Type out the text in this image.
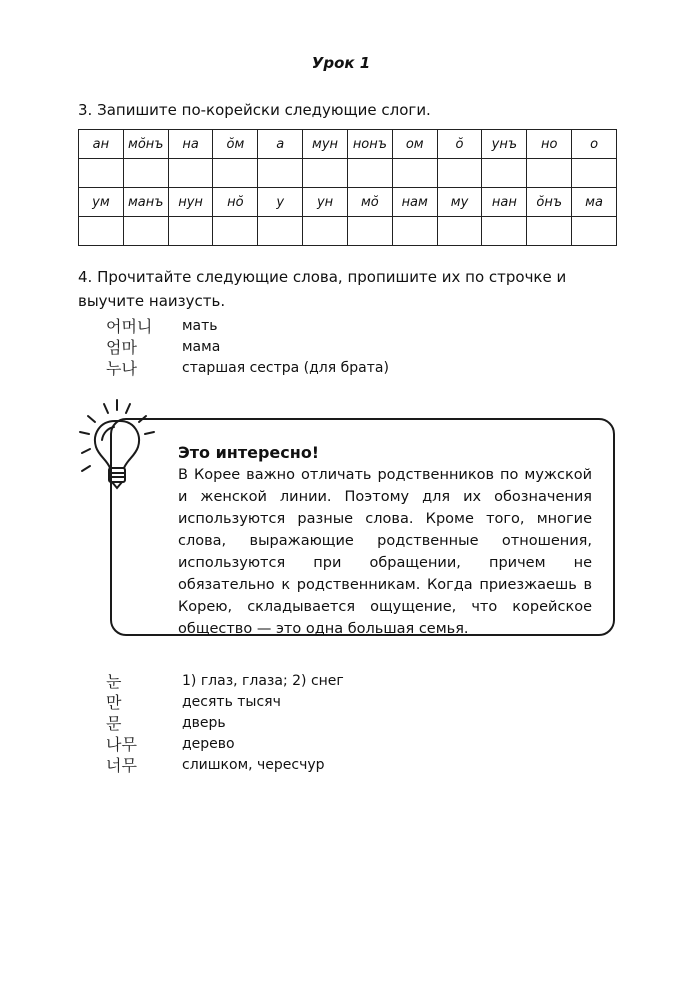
Урок 1
3. Запишите по-корейски следующие слоги.
ан	мŏнъ	на	ŏм	а	мун	нонъ	ом	ŏ	унъ	но	о

ум	манъ	нун	нŏ	у	ун	мŏ	нам	му	нан	ŏнъ	ма

4. Прочитайте следующие слова, пропишите их по строчке и выучите наизусть.
어머니	мать
엄마	мама
누나	старшая сестра (для брата)
Это интересно!
В Корее важно отличать родственников по мужской и женской линии. Поэтому для их обозначения используются разные слова. Кроме того, многие слова, выражающие родственные отношения, используются при обращении, причем не обязательно к родственникам. Когда приезжаешь в Корею, складывается ощущение, что корейское общество — это одна большая семья.
눈	1) глаз, глаза; 2) снег
만	десять тысяч
문	дверь
나무	дерево
너무	слишком, чересчур
